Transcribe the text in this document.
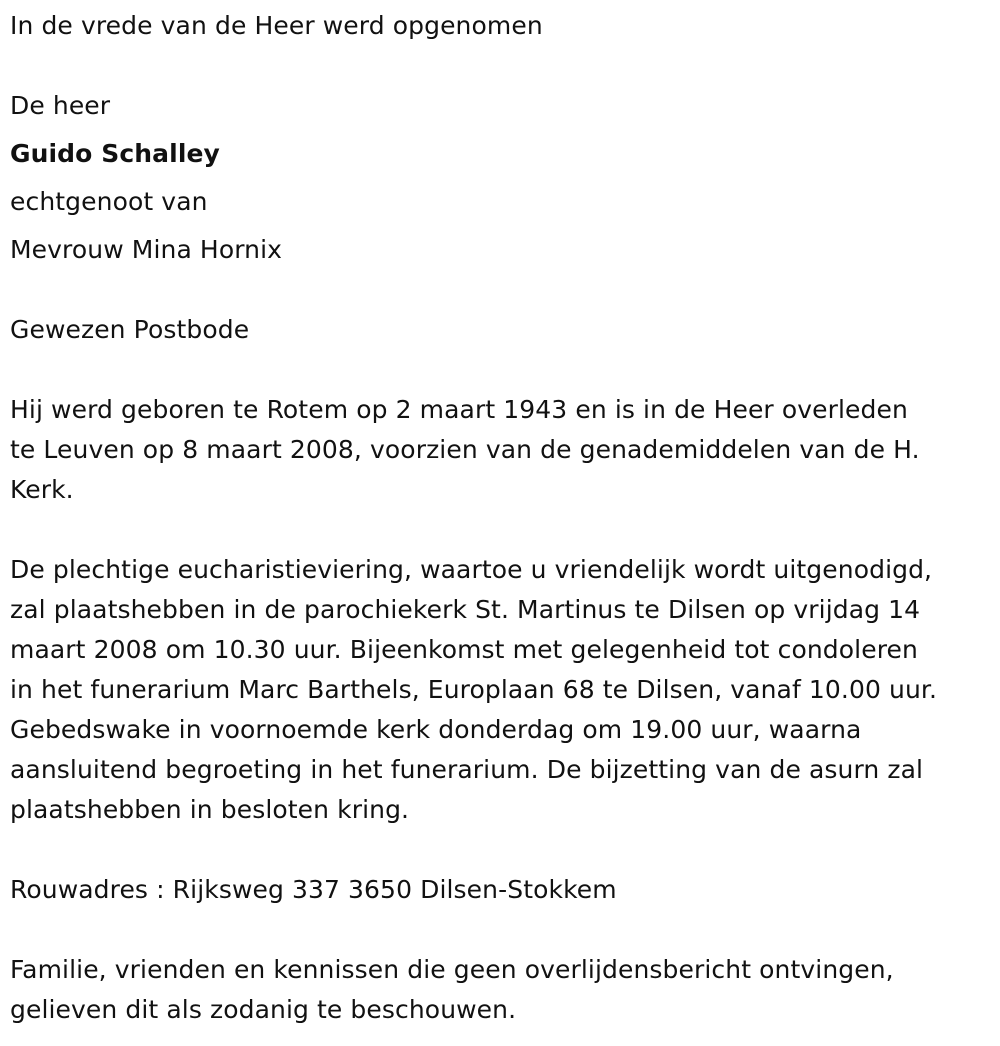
In de vrede van de Heer werd opgenomen

De heer

Guido Schalley

echtgenoot van

Mevrouw Mina Hornix

Gewezen Postbode

Hij werd geboren te Rotem op 2 maart 1943 en is in de Heer overleden

te Leuven op 8 maart 2008, voorzien van de genademiddelen van de H.

Kerk.

De plechtige eucharistieviering, waartoe u vriendelijk wordt uitgenodigd,

zal plaatshebben in de parochiekerk St. Martinus te Dilsen op vrijdag 14

maart 2008 om 10.30 uur. Bijeenkomst met gelegenheid tot condoleren

in het funerarium Marc Barthels, Europlaan 68 te Dilsen, vanaf 10.00 uur.

Gebedswake in voornoemde kerk donderdag om 19.00 uur, waarna

aansluitend begroeting in het funerarium. De bijzetting van de asurn zal

plaatshebben in besloten kring.

Rouwadres : Rijksweg 337 3650 Dilsen-Stokkem

Familie, vrienden en kennissen die geen overlijdensbericht ontvingen,

gelieven dit als zodanig te beschouwen.
